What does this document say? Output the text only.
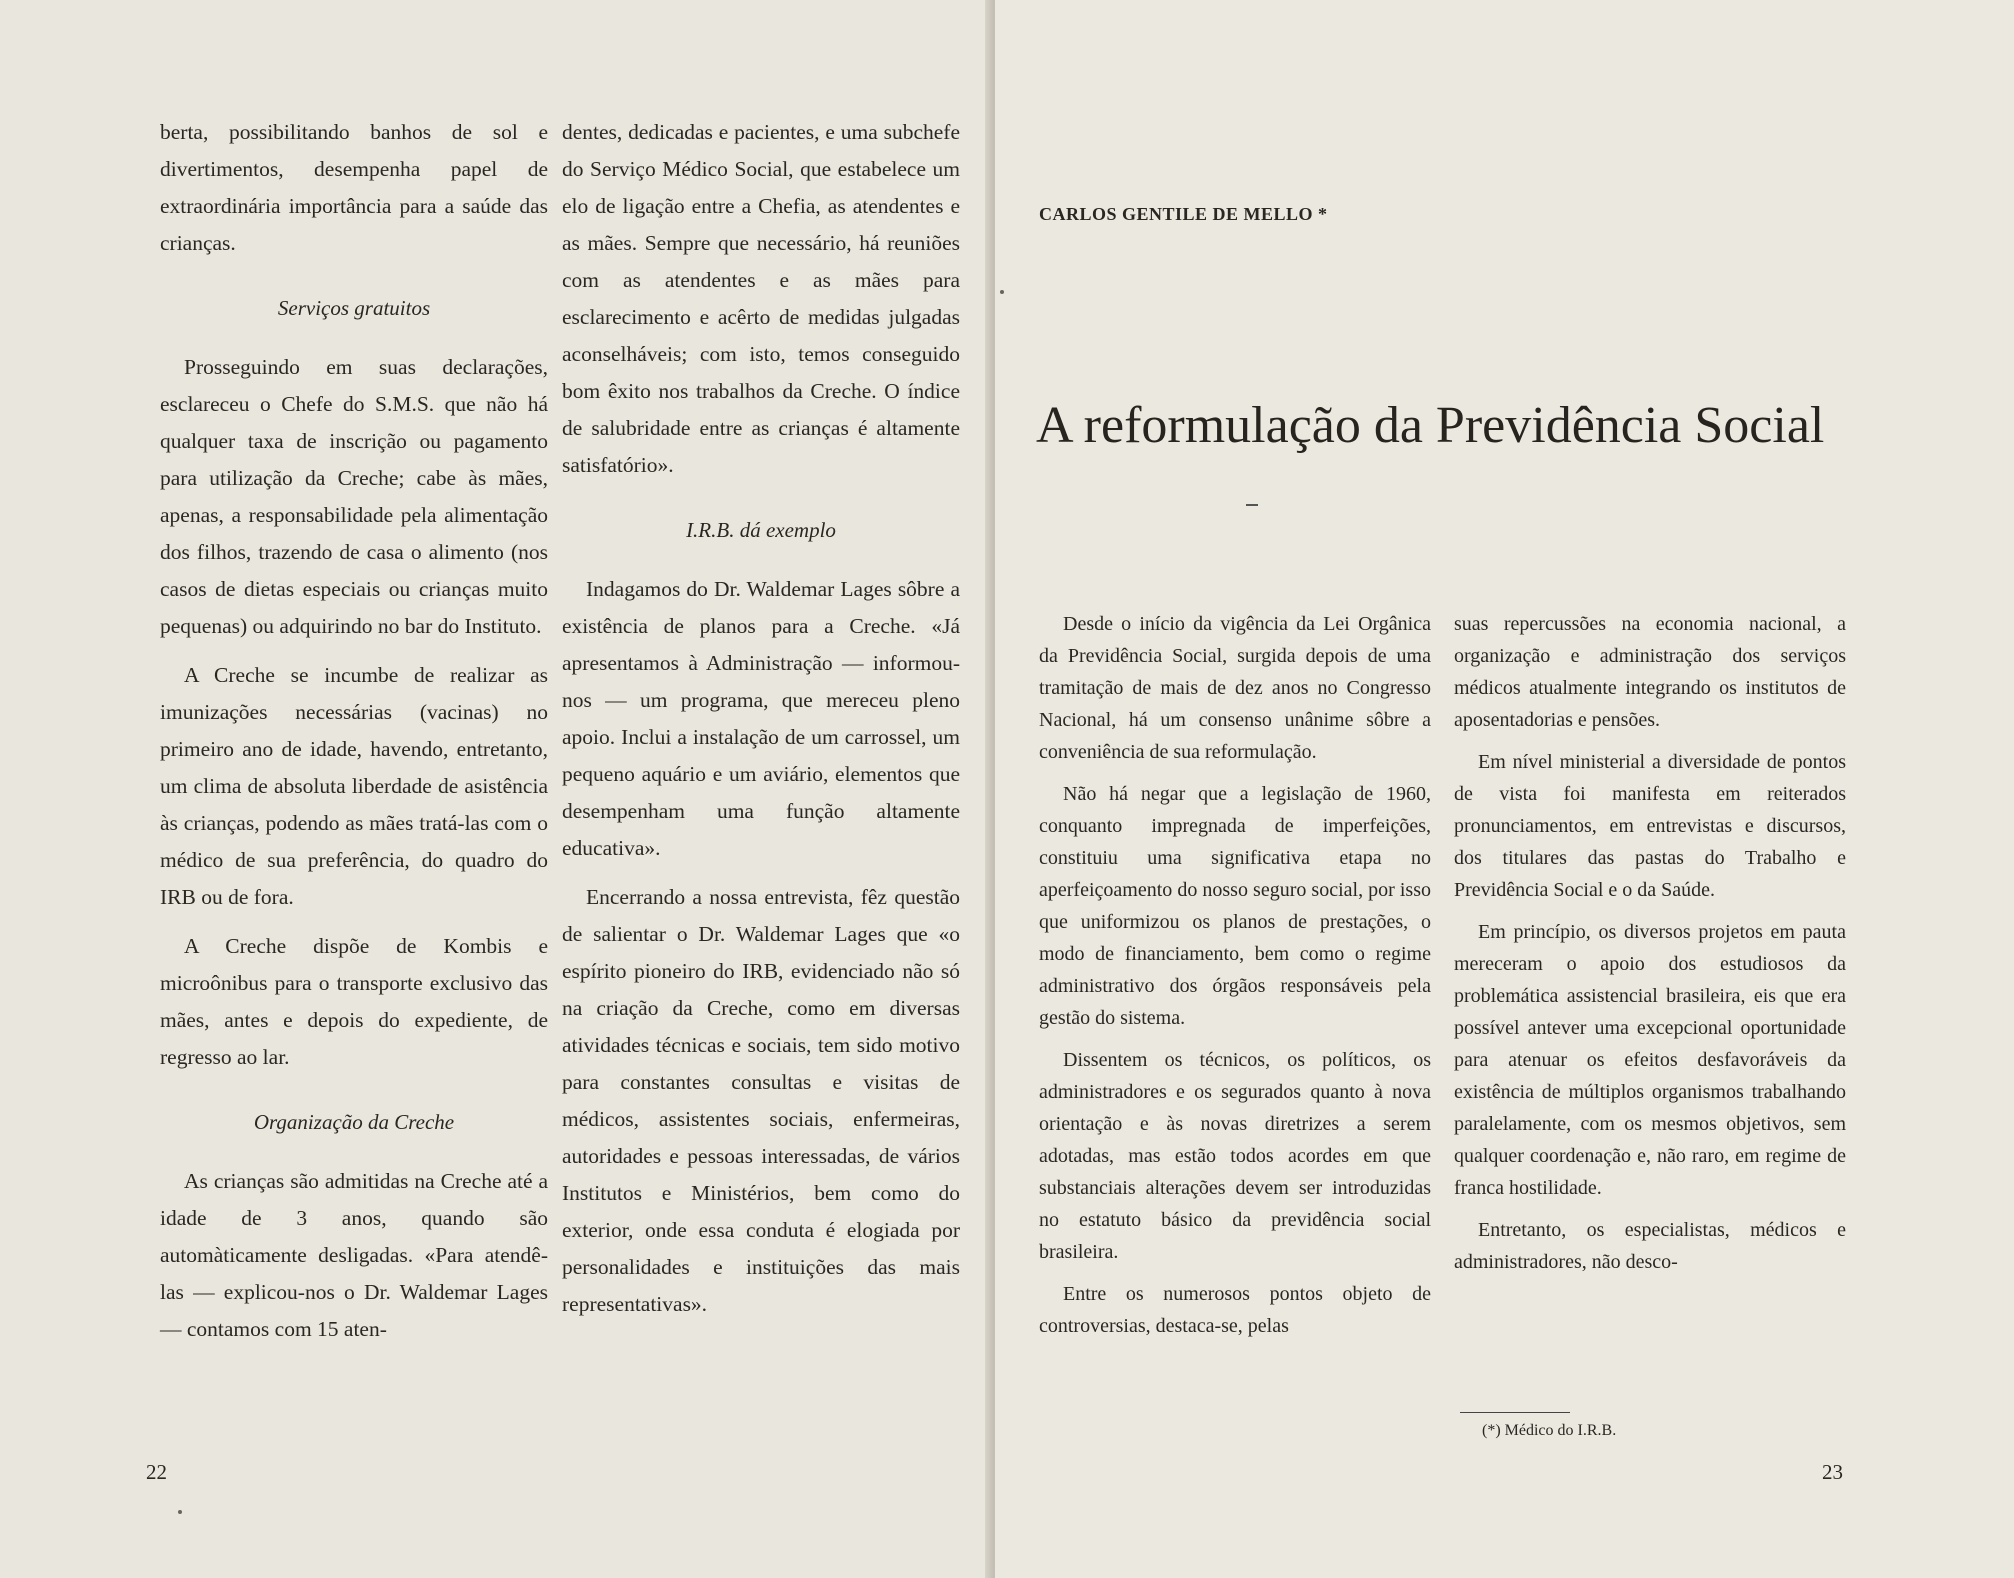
berta, possibilitando banhos de sol e divertimentos, desempenha papel de extraordinária importância para a saúde das crianças.

Serviços gratuitos

Prosseguindo em suas declarações, esclareceu o Chefe do S.M.S. que não há qualquer taxa de inscrição ou pagamento para utilização da Creche; cabe às mães, apenas, a responsabilidade pela alimentação dos filhos, trazendo de casa o alimento (nos casos de dietas especiais ou crianças muito pequenas) ou adquirindo no bar do Instituto.

A Creche se incumbe de realizar as imunizações necessárias (vacinas) no primeiro ano de idade, havendo, entretanto, um clima de absoluta liberdade de asistência às crianças, podendo as mães tratá-las com o médico de sua preferência, do quadro do IRB ou de fora.

A Creche dispõe de Kombis e microônibus para o transporte exclusivo das mães, antes e depois do expediente, de regresso ao lar.

Organização da Creche

As crianças são admitidas na Creche até a idade de 3 anos, quando são automàticamente desligadas. «Para atendê-las — explicou-nos o Dr. Waldemar Lages — contamos com 15 aten-

dentes, dedicadas e pacientes, e uma subchefe do Serviço Médico Social, que estabelece um elo de ligação entre a Chefia, as atendentes e as mães. Sempre que necessário, há reuniões com as atendentes e as mães para esclarecimento e acêrto de medidas julgadas aconselháveis; com isto, temos conseguido bom êxito nos trabalhos da Creche. O índice de salubridade entre as crianças é altamente satisfatório».

I.R.B. dá exemplo

Indagamos do Dr. Waldemar Lages sôbre a existência de planos para a Creche. «Já apresentamos à Administração — informou-nos — um programa, que mereceu pleno apoio. Inclui a instalação de um carrossel, um pequeno aquário e um aviário, elementos que desempenham uma função altamente educativa».

Encerrando a nossa entrevista, fêz questão de salientar o Dr. Waldemar Lages que «o espírito pioneiro do IRB, evidenciado não só na criação da Creche, como em diversas atividades técnicas e sociais, tem sido motivo para constantes consultas e visitas de médicos, assistentes sociais, enfermeiras, autoridades e pessoas interessadas, de vários Institutos e Ministérios, bem como do exterior, onde essa conduta é elogiada por personalidades e instituições das mais representativas».

22
CARLOS GENTILE DE MELLO *
A reformulação da Previdência Social

Desde o início da vigência da Lei Orgânica da Previdência Social, surgida depois de uma tramitação de mais de dez anos no Congresso Nacional, há um consenso unânime sôbre a conveniência de sua reformulação.

Não há negar que a legislação de 1960, conquanto impregnada de imperfeições, constituiu uma significativa etapa no aperfeiçoamento do nosso seguro social, por isso que uniformizou os planos de prestações, o modo de financiamento, bem como o regime administrativo dos órgãos responsáveis pela gestão do sistema.

Dissentem os técnicos, os políticos, os administradores e os segurados quanto à nova orientação e às novas diretrizes a serem adotadas, mas estão todos acordes em que substanciais alterações devem ser introduzidas no estatuto básico da previdência social brasileira.

Entre os numerosos pontos objeto de controversias, destaca-se, pelas

suas repercussões na economia nacional, a organização e administração dos serviços médicos atualmente integrando os institutos de aposentadorias e pensões.

Em nível ministerial a diversidade de pontos de vista foi manifesta em reiterados pronunciamentos, em entrevistas e discursos, dos titulares das pastas do Trabalho e Previdência Social e o da Saúde.

Em princípio, os diversos projetos em pauta mereceram o apoio dos estudiosos da problemática assistencial brasileira, eis que era possível antever uma excepcional oportunidade para atenuar os efeitos desfavoráveis da existência de múltiplos organismos trabalhando paralelamente, com os mesmos objetivos, sem qualquer coordenação e, não raro, em regime de franca hostilidade.

Entretanto, os especialistas, médicos e administradores, não desco-

(*) Médico do I.R.B.
23
